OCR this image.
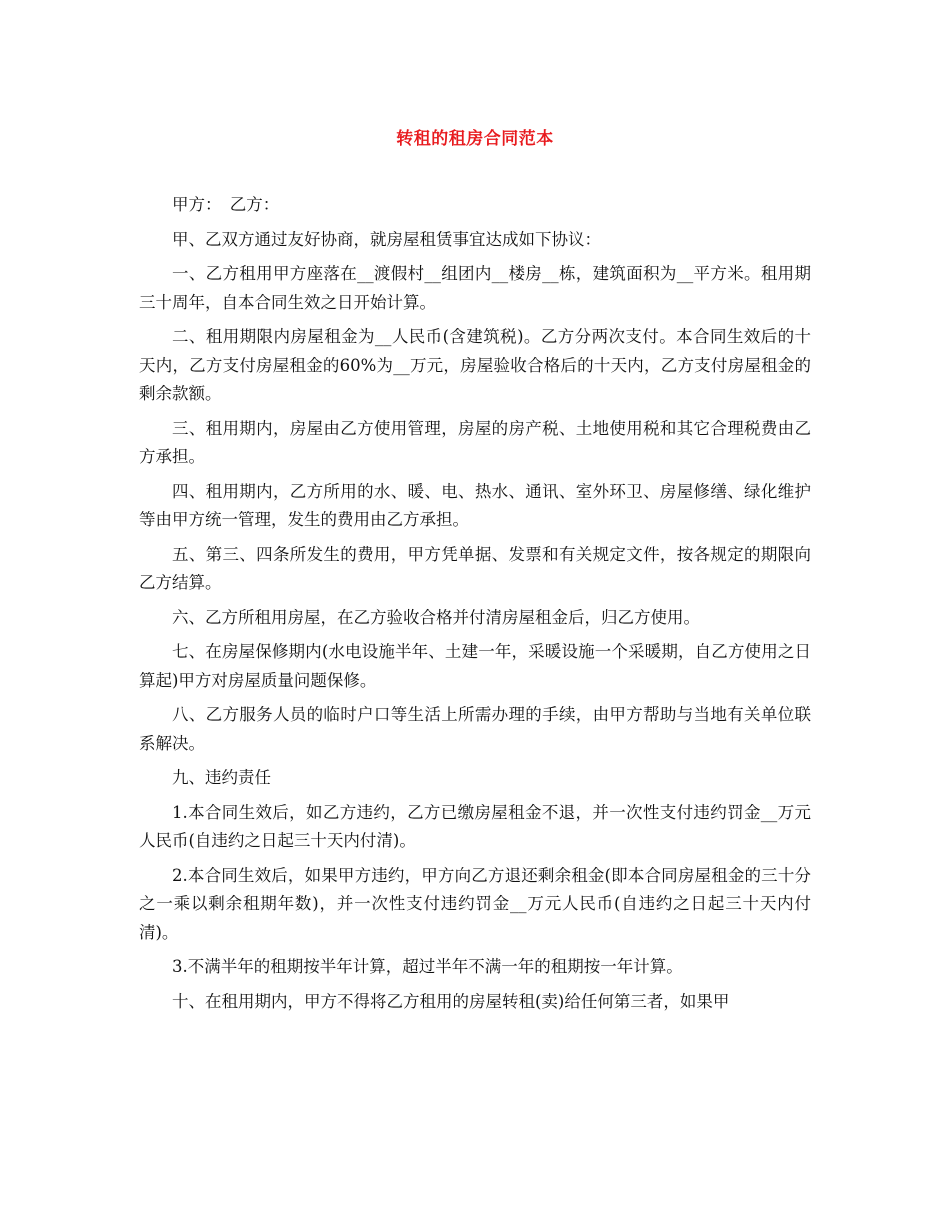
转租的租房合同范本

甲方：　乙方：

甲、乙双方通过友好协商，就房屋租赁事宜达成如下协议：

一、乙方租用甲方座落在__渡假村__组团内__楼房__栋，建筑面积为__平方米。租用期三十周年，自本合同生效之日开始计算。

二、租用期限内房屋租金为__人民币(含建筑税)。乙方分两次支付。本合同生效后的十天内，乙方支付房屋租金的60%为__万元，房屋验收合格后的十天内，乙方支付房屋租金的剩余款额。

三、租用期内，房屋由乙方使用管理，房屋的房产税、土地使用税和其它合理税费由乙方承担。

四、租用期内，乙方所用的水、暖、电、热水、通讯、室外环卫、房屋修缮、绿化维护等由甲方统一管理，发生的费用由乙方承担。

五、第三、四条所发生的费用，甲方凭单据、发票和有关规定文件，按各规定的期限向乙方结算。

六、乙方所租用房屋，在乙方验收合格并付清房屋租金后，归乙方使用。

七、在房屋保修期内(水电设施半年、土建一年，采暖设施一个采暖期，自乙方使用之日算起)甲方对房屋质量问题保修。

八、乙方服务人员的临时户口等生活上所需办理的手续，由甲方帮助与当地有关单位联系解决。

九、违约责任

1.本合同生效后，如乙方违约，乙方已缴房屋租金不退，并一次性支付违约罚金__万元人民币(自违约之日起三十天内付清)。

2.本合同生效后，如果甲方违约，甲方向乙方退还剩余租金(即本合同房屋租金的三十分之一乘以剩余租期年数)，并一次性支付违约罚金__万元人民币(自违约之日起三十天内付清)。

3.不满半年的租期按半年计算，超过半年不满一年的租期按一年计算。

十、在租用期内，甲方不得将乙方租用的房屋转租(卖)给任何第三者，如果甲
